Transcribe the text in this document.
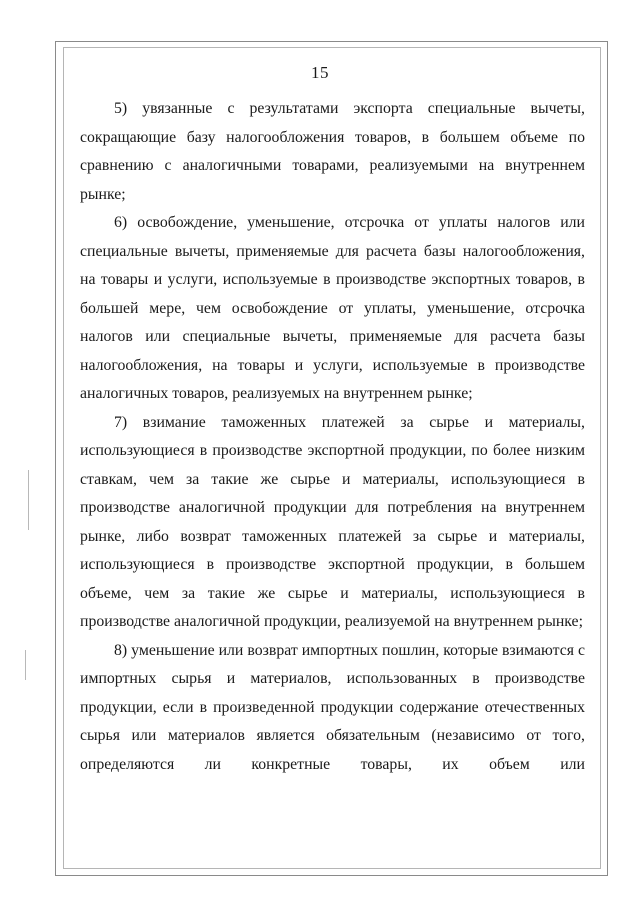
15

5) увязанные с результатами экспорта специальные вычеты, сокращающие базу налогообложения товаров, в большем объеме по сравнению с аналогичными товарами, реализуемыми на внутреннем рынке;

6) освобождение, уменьшение, отсрочка от уплаты налогов или специальные вычеты, применяемые для расчета базы налогообложения, на товары и услуги, используемые в производстве экспортных товаров, в большей мере, чем освобождение от уплаты, уменьшение, отсрочка налогов или специальные вычеты, применяемые для расчета базы налогообложения, на товары и услуги, используемые в производстве аналогичных товаров, реализуемых на внутреннем рынке;

7) взимание таможенных платежей за сырье и материалы, использующиеся в производстве экспортной продукции, по более низким ставкам, чем за такие же сырье и материалы, использующиеся в производстве аналогичной продукции для потребления на внутреннем рынке, либо возврат таможенных платежей за сырье и материалы, использующиеся в производстве экспортной продукции, в большем объеме, чем за такие же сырье и материалы, использующиеся в производстве аналогичной продукции, реализуемой на внутреннем рынке;

8) уменьшение или возврат импортных пошлин, которые взимаются с импортных сырья и материалов, использованных в производстве продукции, если в произведенной продукции содержание отечественных сырья или материалов является обязательным (независимо от того, определяются ли конкретные товары, их объем или
